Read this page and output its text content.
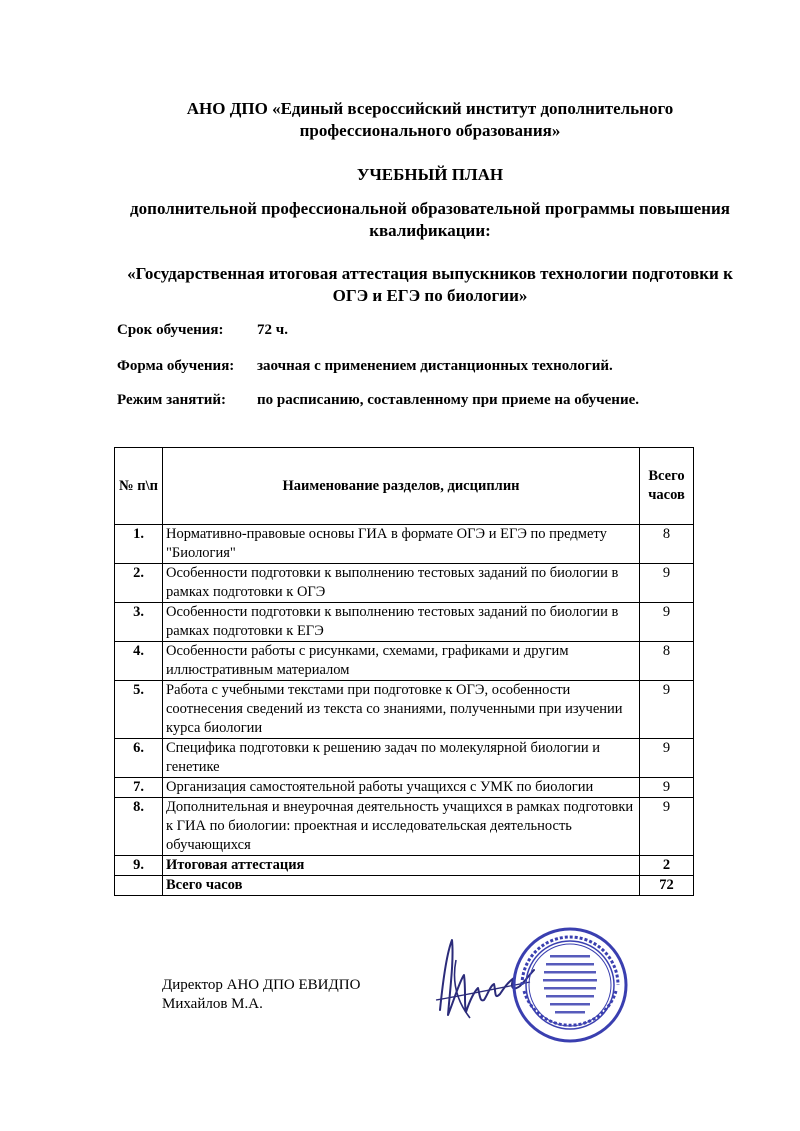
АНО ДПО «Единый всероссийский институт дополнительного профессионального образования»
УЧЕБНЫЙ ПЛАН
дополнительной профессиональной образовательной программы повышения квалификации:
«Государственная итоговая аттестация выпускников технологии подготовки к ОГЭ и ЕГЭ по биологии»
Срок обучения: 72 ч.
Форма обучения: заочная с применением дистанционных технологий.
Режим занятий: по расписанию, составленному при приеме на обучение.
№ п\п	Наименование разделов, дисциплин	Всего часов
1.	Нормативно-правовые основы ГИА в формате ОГЭ и ЕГЭ по предмету "Биология"	8
2.	Особенности подготовки к выполнению тестовых заданий по биологии в рамках подготовки к ОГЭ	9
3.	Особенности подготовки к выполнению тестовых заданий по биологии в рамках подготовки к ЕГЭ	9
4.	Особенности работы с рисунками, схемами, графиками и другим иллюстративным материалом	8
5.	Работа с учебными текстами при подготовке к ОГЭ, особенности соотнесения сведений из текста со знаниями, полученными при изучении курса биологии	9
6.	Специфика подготовки к решению задач по молекулярной биологии и генетике	9
7.	Организация самостоятельной работы учащихся с УМК по биологии	9
8.	Дополнительная и внеурочная деятельность учащихся в рамках подготовки к ГИА по биологии: проектная и исследовательская деятельность обучающихся	9
9.	Итоговая аттестация	2
	Всего часов	72
Директор АНО ДПО ЕВИДПО
Михайлов М.А.
